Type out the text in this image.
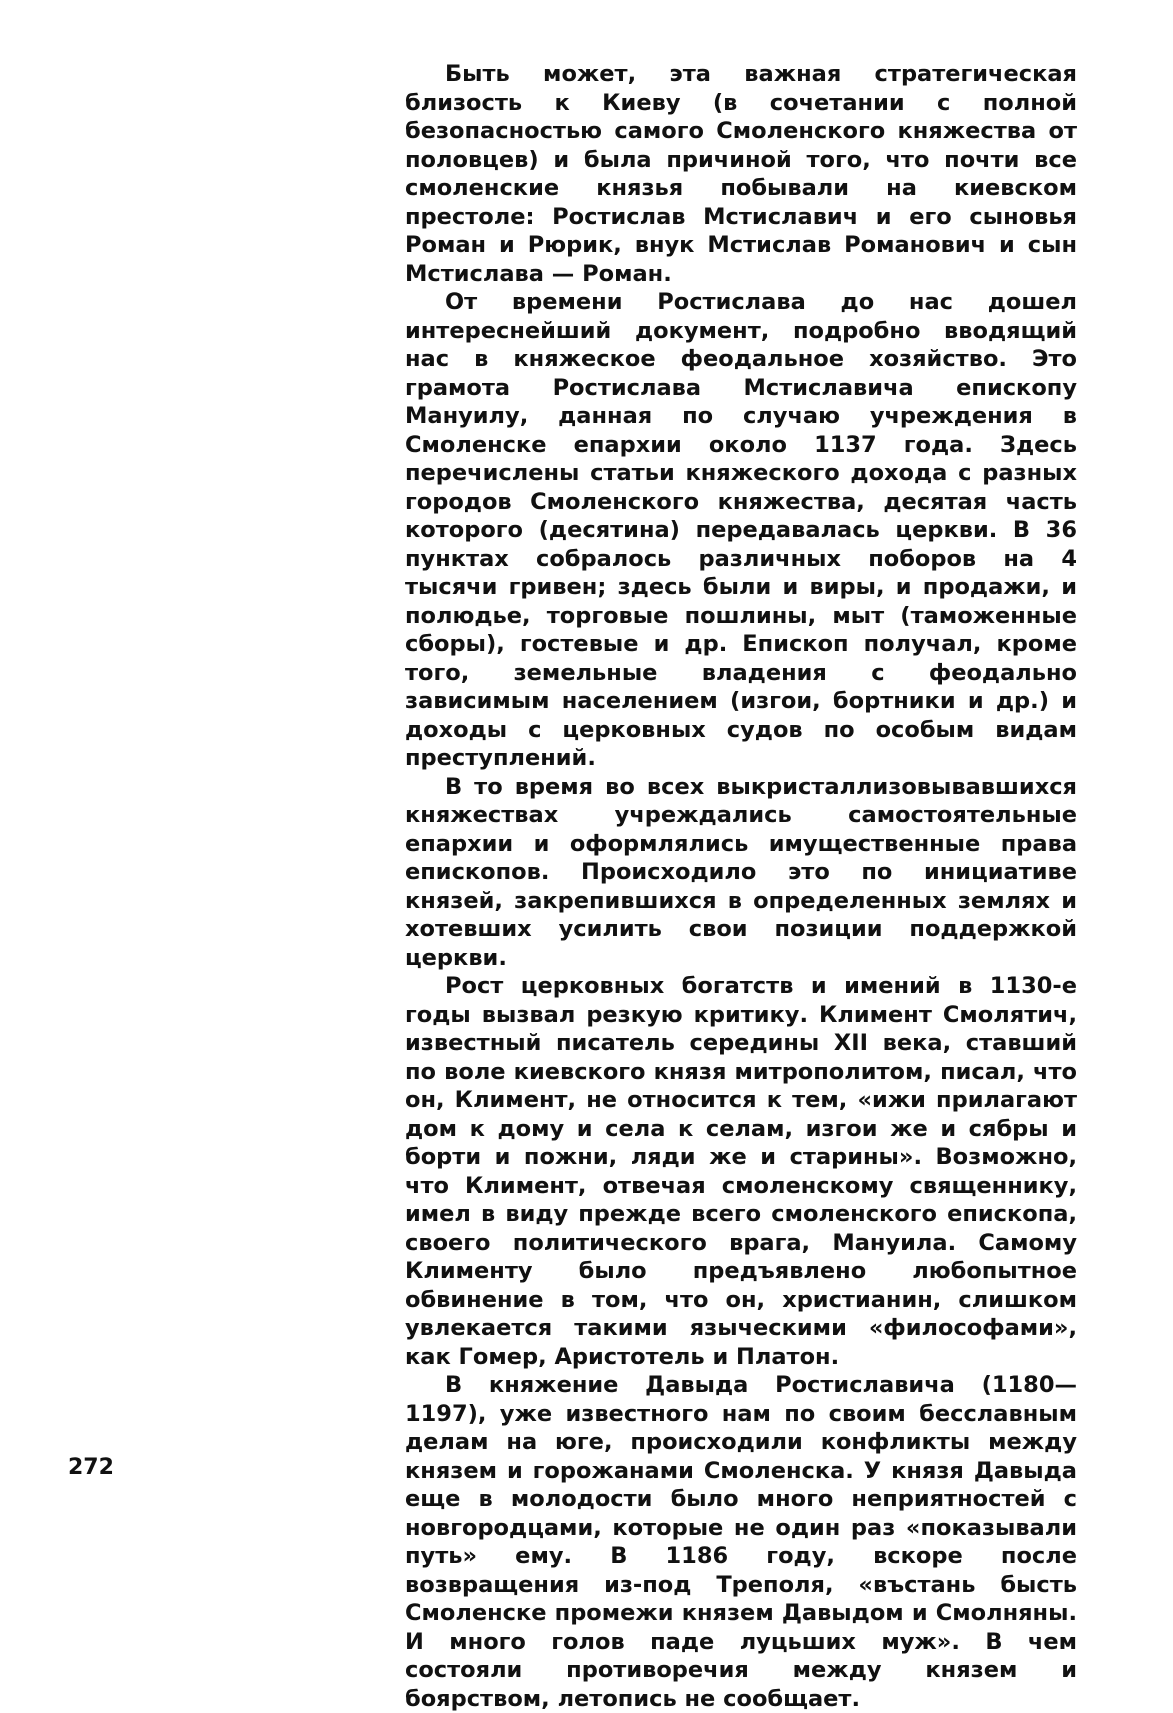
Быть может, эта важная стратегическая близость к Киеву (в сочетании с полной безопасностью самого Смоленского княжества от половцев) и была причиной того, что почти все смоленские князья побывали на киевском престоле: Ростислав Мстиславич и его сыновья Роман и Рюрик, внук Мстислав Романович и сын Мстислава — Роман.

От времени Ростислава до нас дошел интереснейший документ, подробно вводящий нас в княжеское феодальное хозяйство. Это грамота Ростислава Мстиславича епископу Мануилу, данная по случаю учреждения в Смоленске епархии около 1137 года. Здесь перечислены статьи княжеского дохода с разных городов Смоленского княжества, десятая часть которого (десятина) передавалась церкви. В 36 пунктах собралось различных поборов на 4 тысячи гривен; здесь были и виры, и продажи, и полюдье, торговые пошлины, мыт (таможенные сборы), гостевые и др. Епископ получал, кроме того, земельные владения с феодально зависимым населением (изгои, бортники и др.) и доходы с церковных судов по особым видам преступлений.

В то время во всех выкристаллизовывавшихся княжествах учреждались самостоятельные епархии и оформлялись имущественные права епископов. Происходило это по инициативе князей, закрепившихся в определенных землях и хотевших усилить свои позиции поддержкой церкви.

Рост церковных богатств и имений в 1130-е годы вызвал резкую критику. Климент Смолятич, известный писатель середины XII века, ставший по воле киевского князя митрополитом, писал, что он, Климент, не относится к тем, «ижи прилагают дом к дому и села к селам, изгои же и сябры и борти и пожни, ляди же и старины». Возможно, что Климент, отвечая смоленскому священнику, имел в виду прежде всего смоленского епископа, своего политического врага, Мануила. Самому Клименту было предъявлено любопытное обвинение в том, что он, христианин, слишком увлекается такими языческими «философами», как Гомер, Аристотель и Платон.

В княжение Давыда Ростиславича (1180—1197), уже известного нам по своим бесславным делам на юге, происходили конфликты между князем и горожанами Смоленска. У князя Давыда еще в молодости было много неприятностей с новгородцами, которые не один раз «показывали путь» ему. В 1186 году, вскоре после возвращения из-под Треполя, «въстань бысть Смоленске промежи князем Давыдом и Смолняны. И много голов паде луцьших муж». В чем состояли противоречия между князем и боярством, летопись не сообщает.

272
